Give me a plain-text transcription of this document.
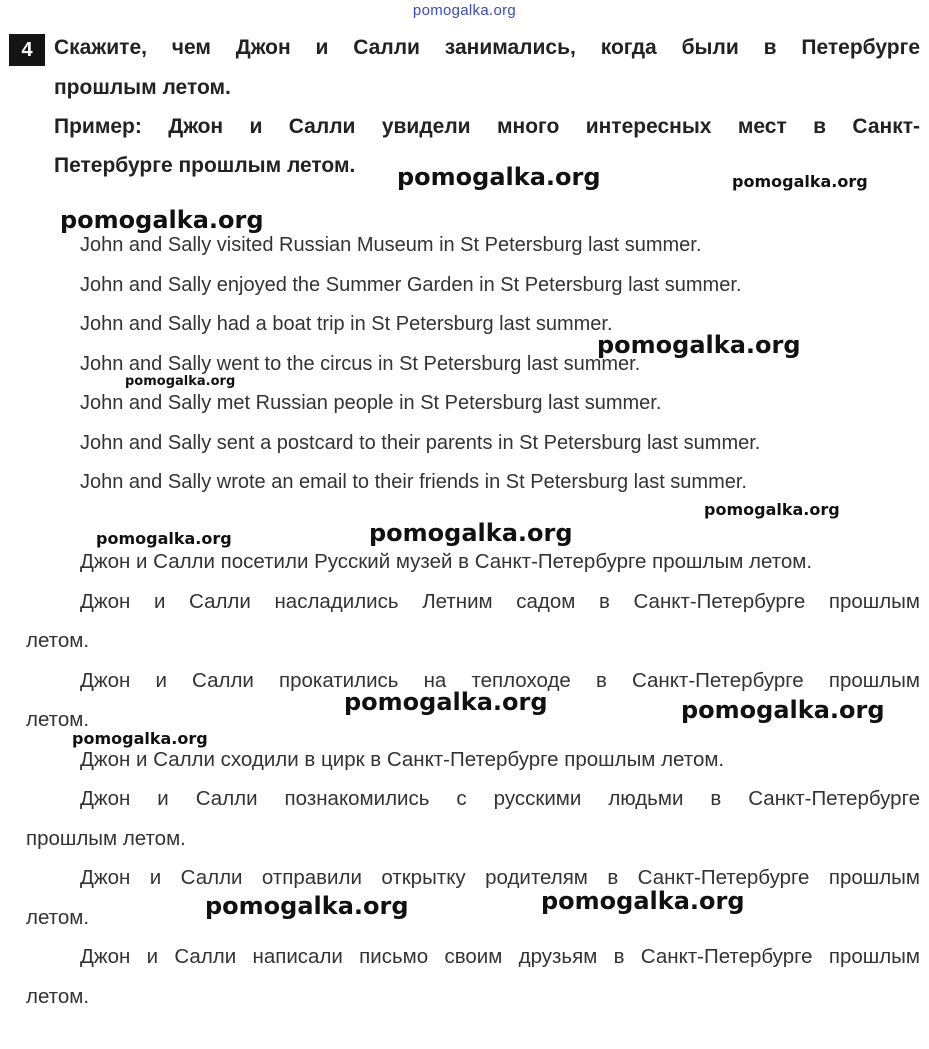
pomogalka.org
4	Скажите, чем Джон и Салли занимались, когда были в Петербурге
прошлым летом.
Пример: Джон и Салли увидели много интересных мест в Санкт-
Петербурге прошлым летом.
John and Sally visited Russian Museum in St Petersburg last summer.
John and Sally enjoyed the Summer Garden in St Petersburg last summer.
John and Sally had a boat trip in St Petersburg last summer.
John and Sally went to the circus in St Petersburg last summer.
John and Sally met Russian people in St Petersburg last summer.
John and Sally sent a postcard to their parents in St Petersburg last summer.
John and Sally wrote an email to their friends in St Petersburg last summer.
Джон и Салли посетили Русский музей в Санкт-Петербурге прошлым летом.
Джон и Салли насладились Летним садом в Санкт-Петербурге прошлым
летом.
Джон и Салли прокатились на теплоходе в Санкт-Петербурге прошлым
летом.
Джон и Салли сходили в цирк в Санкт-Петербурге прошлым летом.
Джон и Салли познакомились с русскими людьми в Санкт-Петербурге
прошлым летом.
Джон и Салли отправили открытку родителям в Санкт-Петербурге прошлым
летом.
Джон и Салли написали письмо своим друзьям в Санкт-Петербурге прошлым
летом.
pomogalka.org	pomogalka.org
pomogalka.org
pomogalka.org
pomogalka.org
pomogalka.org
pomogalka.org	pomogalka.org
pomogalka.org	pomogalka.org
pomogalka.org
pomogalka.org	pomogalka.org
